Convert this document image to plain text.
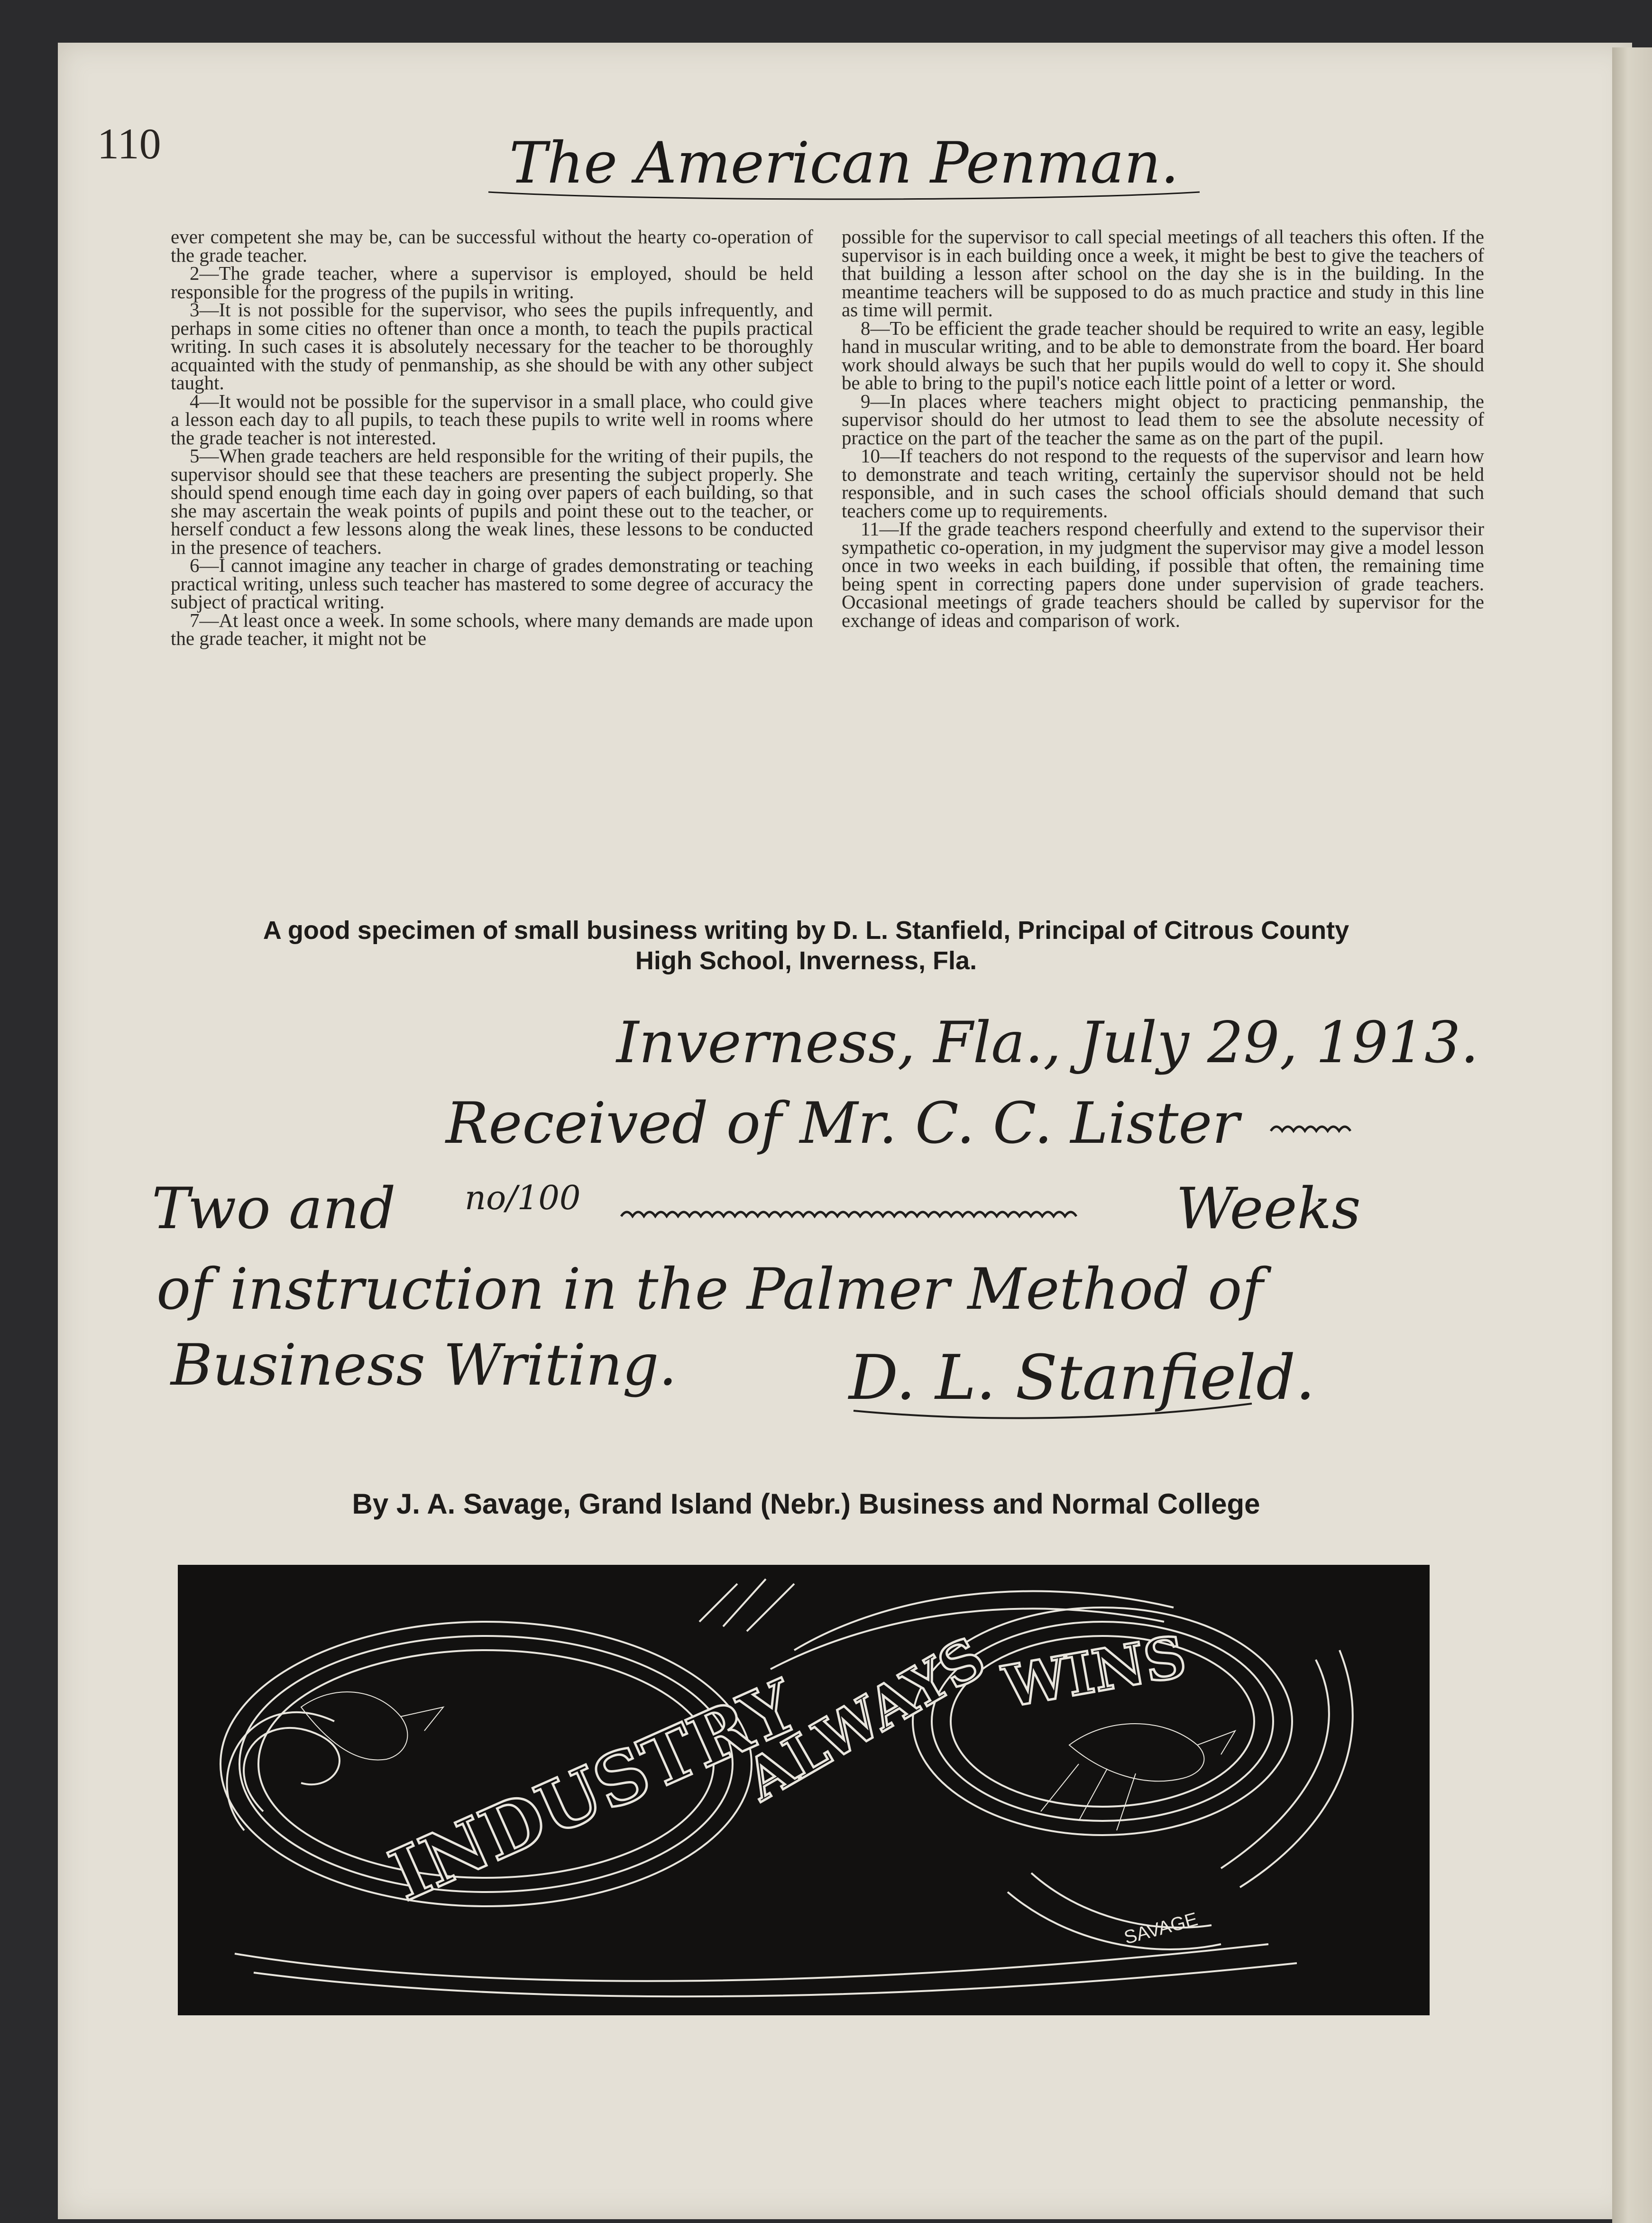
110	The American Penman.

ever competent she may be, can be successful without the hearty co-operation of the grade teacher.

2—The grade teacher, where a supervisor is employed, should be held responsible for the progress of the pupils in writing.

3—It is not possible for the supervisor, who sees the pupils infrequently, and perhaps in some cities no oftener than once a month, to teach the pupils practical writing. In such cases it is absolutely necessary for the teacher to be thoroughly acquainted with the study of penmanship, as she should be with any other subject taught.

4—It would not be possible for the supervisor in a small place, who could give a lesson each day to all pupils, to teach these pupils to write well in rooms where the grade teacher is not interested.

5—When grade teachers are held responsible for the writing of their pupils, the supervisor should see that these teachers are presenting the subject properly. She should spend enough time each day in going over papers of each building, so that she may ascertain the weak points of pupils and point these out to the teacher, or herself conduct a few lessons along the weak lines, these lessons to be conducted in the presence of teachers.

6—I cannot imagine any teacher in charge of grades demonstrating or teaching practical writing, unless such teacher has mastered to some degree of accuracy the subject of practical writing.

7—At least once a week. In some schools, where many demands are made upon the grade teacher, it might not be

possible for the supervisor to call special meetings of all teachers this often. If the supervisor is in each building once a week, it might be best to give the teachers of that building a lesson after school on the day she is in the building. In the meantime teachers will be supposed to do as much practice and study in this line as time will permit.

8—To be efficient the grade teacher should be required to write an easy, legible hand in muscular writing, and to be able to demonstrate from the board. Her board work should always be such that her pupils would do well to copy it. She should be able to bring to the pupil's notice each little point of a letter or word.

9—In places where teachers might object to practicing penmanship, the supervisor should do her utmost to lead them to see the absolute necessity of practice on the part of the teacher the same as on the part of the pupil.

10—If teachers do not respond to the requests of the supervisor and learn how to demonstrate and teach writing, certainly the supervisor should not be held responsible, and in such cases the school officials should demand that such teachers come up to requirements.

11—If the grade teachers respond cheerfully and extend to the supervisor their sympathetic co-operation, in my judgment the supervisor may give a model lesson once in two weeks in each building, if possible that often, the remaining time being spent in correcting papers done under supervision of grade teachers. Occasional meetings of grade teachers should be called by supervisor for the exchange of ideas and comparison of work.

A good specimen of small business writing by D. L. Stanfield, Principal of Citrous County
High School, Inverness, Fla.
Inverness, Fla., July 29, 1913.
Received of Mr. C. C. Lister
Two and no/100	Weeks
of instruction in the Palmer Method of
Business Writing.	D. L. Stanfield.
By J. A. Savage, Grand Island (Nebr.) Business and Normal College
INDUSTRY
ALWAYS WINS
SAVAGE
